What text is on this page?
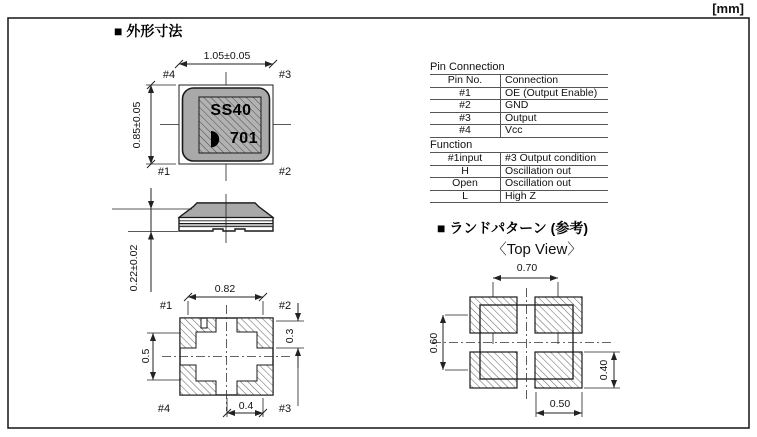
[mm]
■ 外形寸法
1.05±0.05
0.85±0.05
#4	#3
#1	#2
SS40
701
0.22±0.02	0.82
0.5
0.3
0.4
#1	#2
#4	#3
Pin Connection
Pin No.	Connection
#1	OE (Output Enable)
#2	GND
#3	Output
#4	Vcc
Function
#1input	#3 Output condition
H	Oscillation out
Open	Oscillation out
L	High Z
■ ランドパターン (参考)
〈Top View〉
0.70
0.60
0.40
0.50
